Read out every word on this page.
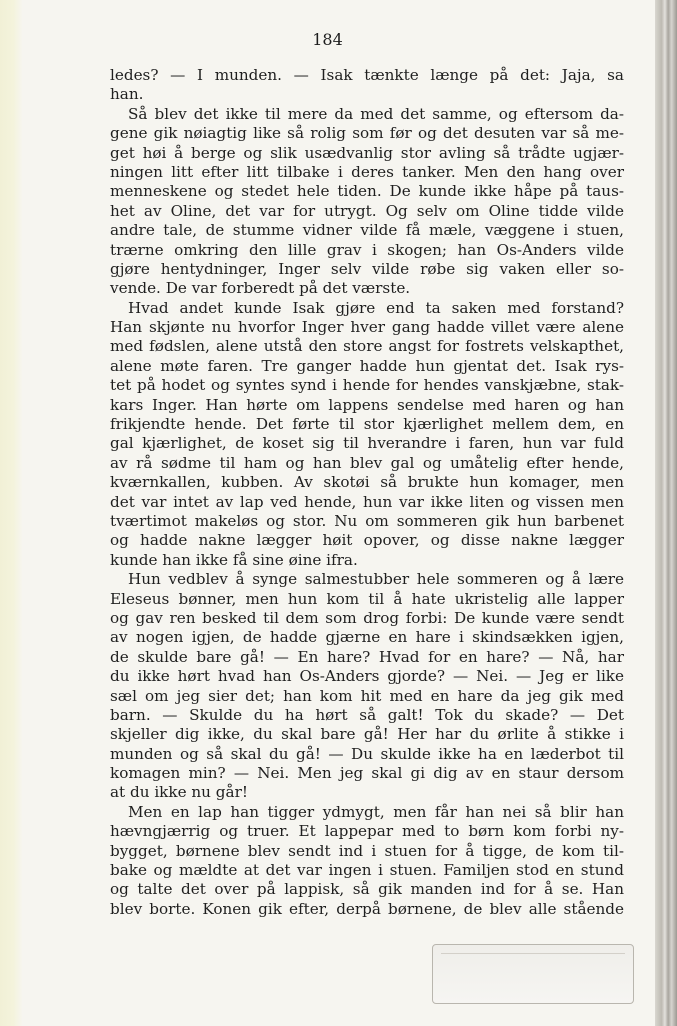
184
ledes? — I munden. — Isak tænkte længe på det: Jaja, sa
han.
Så blev det ikke til mere da med det samme, og eftersom da-
gene gik nøiagtig like så rolig som før og det desuten var så me-
get høi å berge og slik usædvanlig stor avling så trådte ugjær-
ningen litt efter litt tilbake i deres tanker. Men den hang over
menneskene og stedet hele tiden. De kunde ikke håpe på taus-
het av Oline, det var for utrygt. Og selv om Oline tidde vilde
andre tale, de stumme vidner vilde få mæle, væggene i stuen,
trærne omkring den lille grav i skogen; han Os-Anders vilde
gjøre hentydninger, Inger selv vilde røbe sig vaken eller so-
vende. De var forberedt på det værste.
Hvad andet kunde Isak gjøre end ta saken med forstand?
Han skjønte nu hvorfor Inger hver gang hadde villet være alene
med fødslen, alene utstå den store angst for fostrets velskapthet,
alene møte faren. Tre ganger hadde hun gjentat det. Isak rys-
tet på hodet og syntes synd i hende for hendes vanskjæbne, stak-
kars Inger. Han hørte om lappens sendelse med haren og han
frikjendte hende. Det førte til stor kjærlighet mellem dem, en
gal kjærlighet, de koset sig til hverandre i faren, hun var fuld
av rå sødme til ham og han blev gal og umåtelig efter hende,
kværnkallen, kubben. Av skotøi så brukte hun komager, men
det var intet av lap ved hende, hun var ikke liten og vissen men
tværtimot makeløs og stor. Nu om sommeren gik hun barbenet
og hadde nakne lægger høit opover, og disse nakne lægger
kunde han ikke få sine øine ifra.
Hun vedblev å synge salmestubber hele sommeren og å lære
Eleseus bønner, men hun kom til å hate ukristelig alle lapper
og gav ren besked til dem som drog forbi: De kunde være sendt
av nogen igjen, de hadde gjærne en hare i skindsækken igjen,
de skulde bare gå! — En hare? Hvad for en hare? — Nå, har
du ikke hørt hvad han Os-Anders gjorde? — Nei. — Jeg er like
sæl om jeg sier det; han kom hit med en hare da jeg gik med
barn. — Skulde du ha hørt så galt! Tok du skade? — Det
skjeller dig ikke, du skal bare gå! Her har du ørlite å stikke i
munden og så skal du gå! — Du skulde ikke ha en læderbot til
komagen min? — Nei. Men jeg skal gi dig av en staur dersom
at du ikke nu går!
Men en lap han tigger ydmygt, men får han nei så blir han
hævngjærrig og truer. Et lappepar med to børn kom forbi ny-
bygget, børnene blev sendt ind i stuen for å tigge, de kom til-
bake og mældte at det var ingen i stuen. Familjen stod en stund
og talte det over på lappisk, så gik manden ind for å se. Han
blev borte. Konen gik efter, derpå børnene, de blev alle stående
